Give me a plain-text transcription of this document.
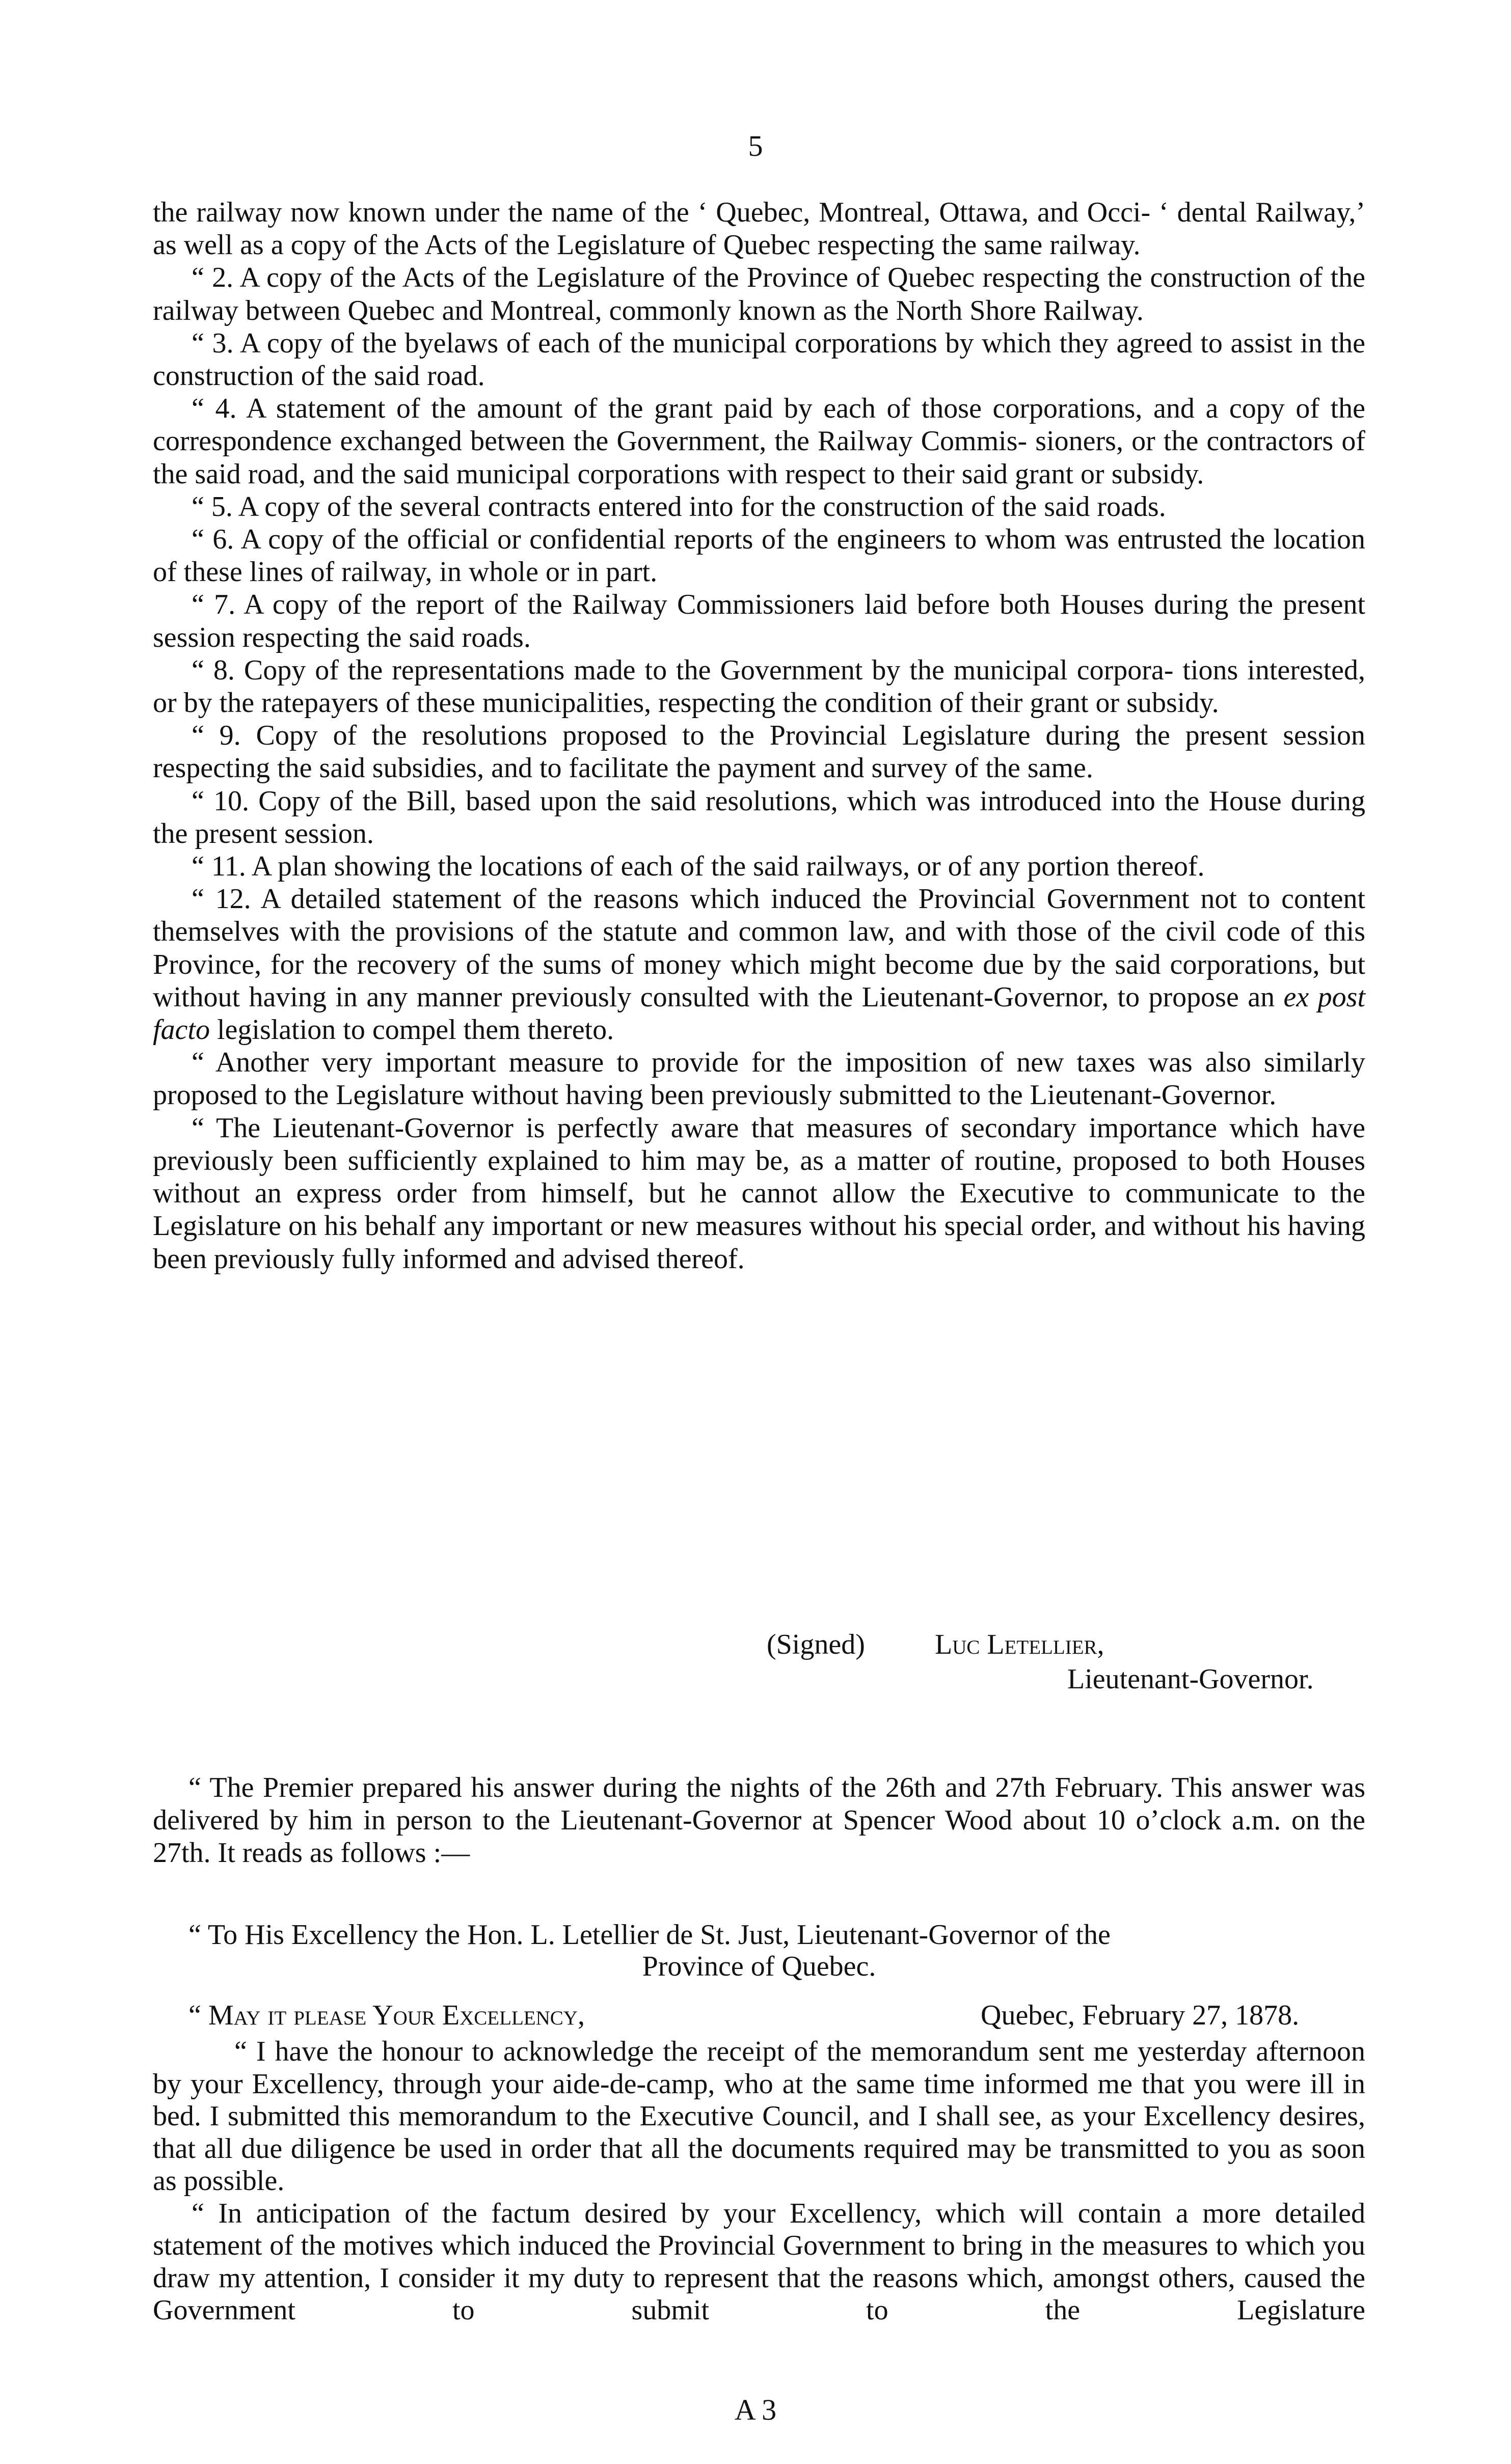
5

the railway now known under the name of the ‘ Quebec, Montreal, Ottawa, and Occi- ‘ dental Railway,’ as well as a copy of the Acts of the Legislature of Quebec respecting the same railway.

“ 2. A copy of the Acts of the Legislature of the Province of Quebec respecting the construction of the railway between Quebec and Montreal, commonly known as the North Shore Railway.

“ 3. A copy of the byelaws of each of the municipal corporations by which they agreed to assist in the construction of the said road.

“ 4. A statement of the amount of the grant paid by each of those corporations, and a copy of the correspondence exchanged between the Government, the Railway Commis- sioners, or the contractors of the said road, and the said municipal corporations with respect to their said grant or subsidy.

“ 5. A copy of the several contracts entered into for the construction of the said roads.

“ 6. A copy of the official or confidential reports of the engineers to whom was entrusted the location of these lines of railway, in whole or in part.

“ 7. A copy of the report of the Railway Commissioners laid before both Houses during the present session respecting the said roads.

“ 8. Copy of the representations made to the Government by the municipal corpora- tions interested, or by the ratepayers of these municipalities, respecting the condition of their grant or subsidy.

“ 9. Copy of the resolutions proposed to the Provincial Legislature during the present session respecting the said subsidies, and to facilitate the payment and survey of the same.

“ 10. Copy of the Bill, based upon the said resolutions, which was introduced into the House during the present session.

“ 11. A plan showing the locations of each of the said railways, or of any portion thereof.

“ 12. A detailed statement of the reasons which induced the Provincial Government not to content themselves with the provisions of the statute and common law, and with those of the civil code of this Province, for the recovery of the sums of money which might become due by the said corporations, but without having in any manner previously consulted with the Lieutenant-Governor, to propose an ex post facto legislation to compel them thereto.

“ Another very important measure to provide for the imposition of new taxes was also similarly proposed to the Legislature without having been previously submitted to the Lieutenant-Governor.

“ The Lieutenant-Governor is perfectly aware that measures of secondary importance which have previously been sufficiently explained to him may be, as a matter of routine, proposed to both Houses without an express order from himself, but he cannot allow the Executive to communicate to the Legislature on his behalf any important or new measures without his special order, and without his having been previously fully informed and advised thereof.

(Signed)	Luc Letellier,
Lieutenant-Governor.

“ The Premier prepared his answer during the nights of the 26th and 27th February. This answer was delivered by him in person to the Lieutenant-Governor at Spencer Wood about 10 o’clock a.m. on the 27th. It reads as follows :—

“ To His Excellency the Hon. L. Letellier de St. Just, Lieutenant-Governor of the
Province of Quebec.
“ May it please Your Excellency,	Quebec, February 27, 1878.

“ I have the honour to acknowledge the receipt of the memorandum sent me yesterday afternoon by your Excellency, through your aide-de-camp, who at the same time informed me that you were ill in bed. I submitted this memorandum to the Executive Council, and I shall see, as your Excellency desires, that all due diligence be used in order that all the documents required may be transmitted to you as soon as possible.

“ In anticipation of the factum desired by your Excellency, which will contain a more detailed statement of the motives which induced the Provincial Government to bring in the measures to which you draw my attention, I consider it my duty to represent that the reasons which, amongst others, caused the Government to submit to the Legislature

A 3
